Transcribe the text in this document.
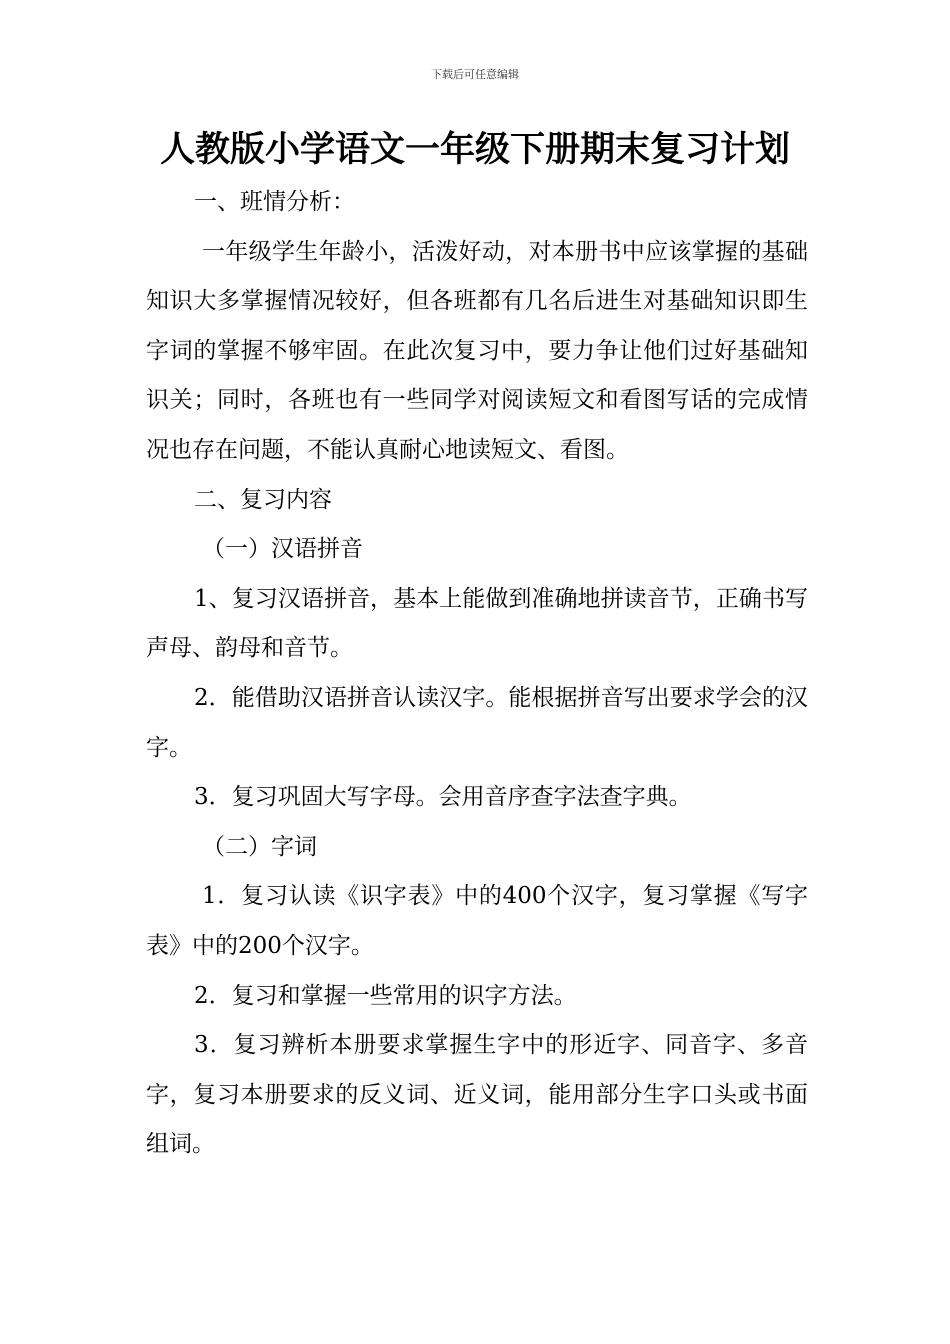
下载后可任意编辑
人教版小学语文一年级下册期末复习计划

一、班情分析：

一年级学生年龄小，活泼好动，对本册书中应该掌握的基础知识大多掌握情况较好，但各班都有几名后进生对基础知识即生字词的掌握不够牢固。在此次复习中，要力争让他们过好基础知识关；同时，各班也有一些同学对阅读短文和看图写话的完成情况也存在问题，不能认真耐心地读短文、看图。

二、复习内容

（一）汉语拼音

1、复习汉语拼音，基本上能做到准确地拼读音节，正确书写声母、韵母和音节。

2．能借助汉语拼音认读汉字。能根据拼音写出要求学会的汉字。

3．复习巩固大写字母。会用音序查字法查字典。

（二）字词

1．复习认读《识字表》中的400个汉字，复习掌握《写字表》中的200个汉字。

2．复习和掌握一些常用的识字方法。

3．复习辨析本册要求掌握生字中的形近字、同音字、多音字，复习本册要求的反义词、近义词，能用部分生字口头或书面组词。
